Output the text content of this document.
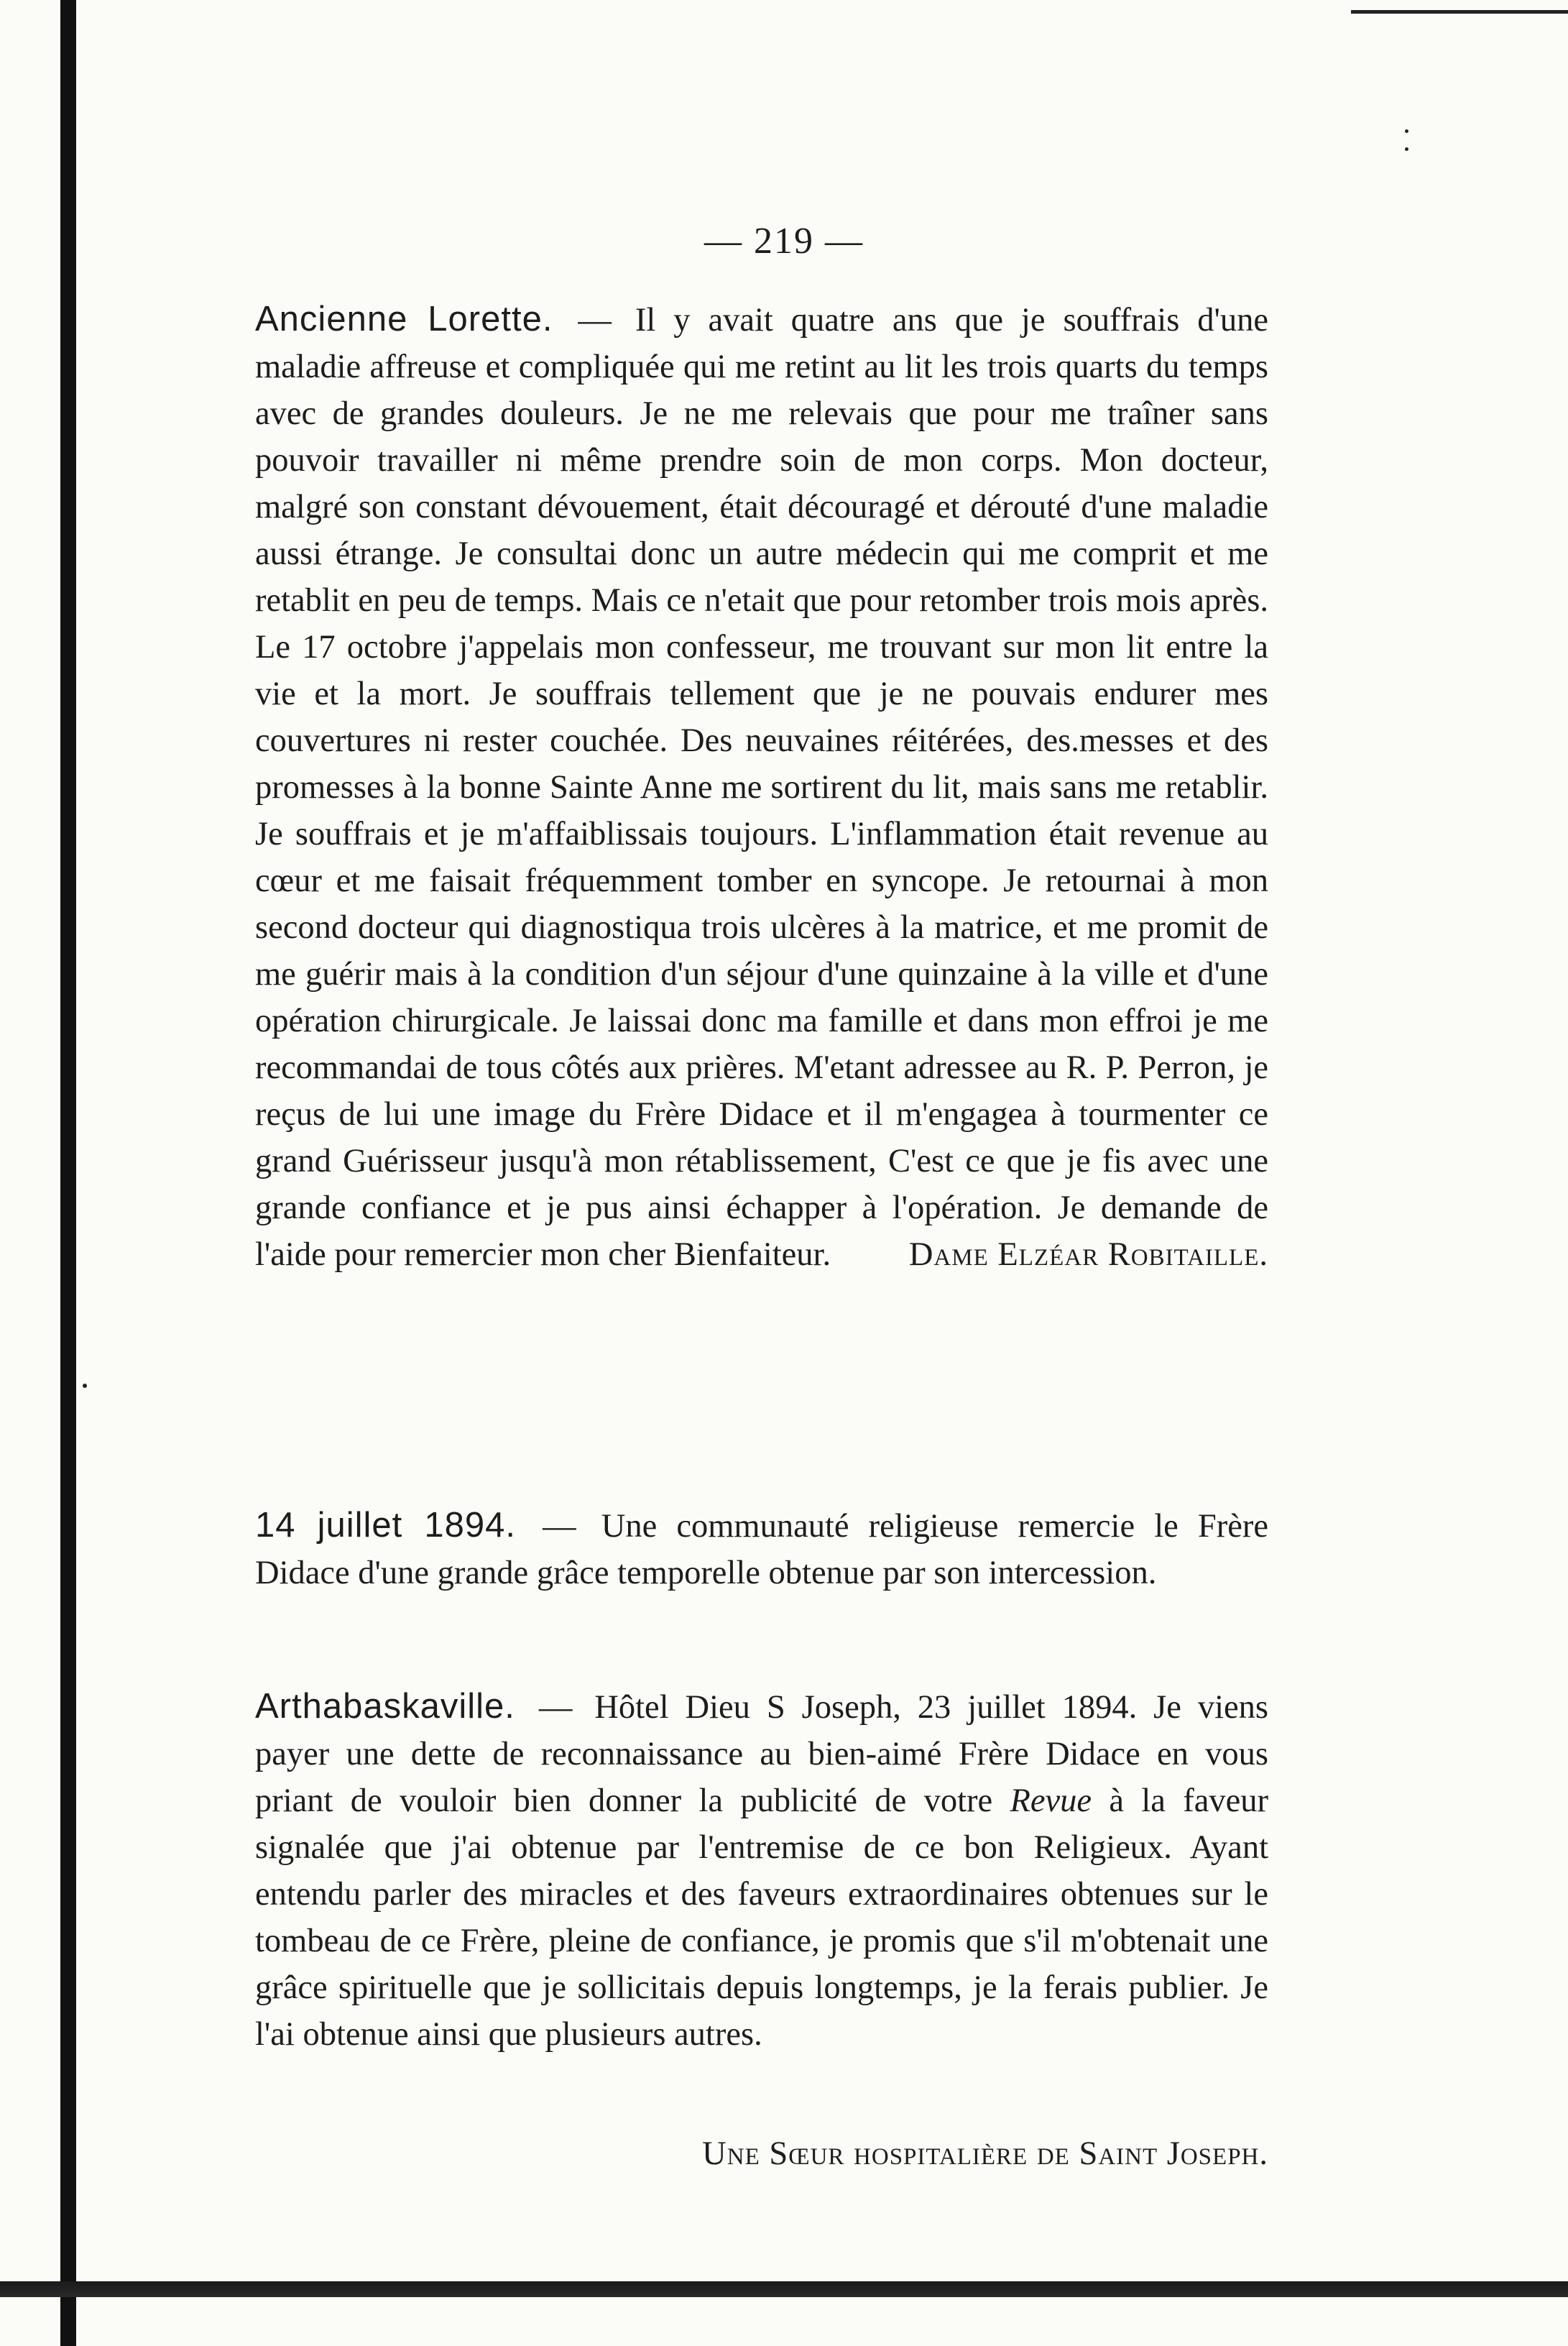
— 219 —

Ancienne Lorette. — Il y avait quatre ans que je souffrais d'une maladie affreuse et compliquée qui me retint au lit les trois quarts du temps avec de grandes douleurs. Je ne me relevais que pour me traîner sans pouvoir travailler ni même prendre soin de mon corps. Mon docteur, malgré son constant dévouement, était découragé et dérouté d'une maladie aussi étrange. Je consultai donc un autre médecin qui me comprit et me retablit en peu de temps. Mais ce n'etait que pour retomber trois mois après. Le 17 octobre j'appelais mon confesseur, me trouvant sur mon lit entre la vie et la mort. Je souffrais tellement que je ne pouvais endurer mes couvertures ni rester couchée. Des neuvaines réitérées, des.messes et des promesses à la bonne Sainte Anne me sortirent du lit, mais sans me retablir. Je souffrais et je m'affaiblissais toujours. L'inflammation était revenue au cœur et me faisait fréquemment tomber en syncope. Je retournai à mon second docteur qui diagnostiqua trois ulcères à la matrice, et me promit de me guérir mais à la condition d'un séjour d'une quinzaine à la ville et d'une opération chirurgicale. Je laissai donc ma famille et dans mon effroi je me recommandai de tous côtés aux prières. M'etant adressee au R. P. Perron, je reçus de lui une image du Frère Didace et il m'engagea à tourmenter ce grand Guérisseur jusqu'à mon rétablissement, C'est ce que je fis avec une grande confiance et je pus ainsi échapper à l'opération. Je demande de l'aide pour remercier mon cher Bienfaiteur. Dame Elzéar Robitaille.

14 juillet 1894. — Une communauté religieuse remercie le Frère Didace d'une grande grâce temporelle obtenue par son intercession.

Arthabaskaville. — Hôtel Dieu S Joseph, 23 juillet 1894. Je viens payer une dette de reconnaissance au bien-aimé Frère Didace en vous priant de vouloir bien donner la publicité de votre Revue à la faveur signalée que j'ai obtenue par l'entremise de ce bon Religieux. Ayant entendu parler des miracles et des faveurs extraordinaires obtenues sur le tombeau de ce Frère, pleine de confiance, je promis que s'il m'obtenait une grâce spirituelle que je sollicitais depuis longtemps, je la ferais publier. Je l'ai obtenue ainsi que plusieurs autres.

Une Sœur hospitalière de Saint Joseph.
